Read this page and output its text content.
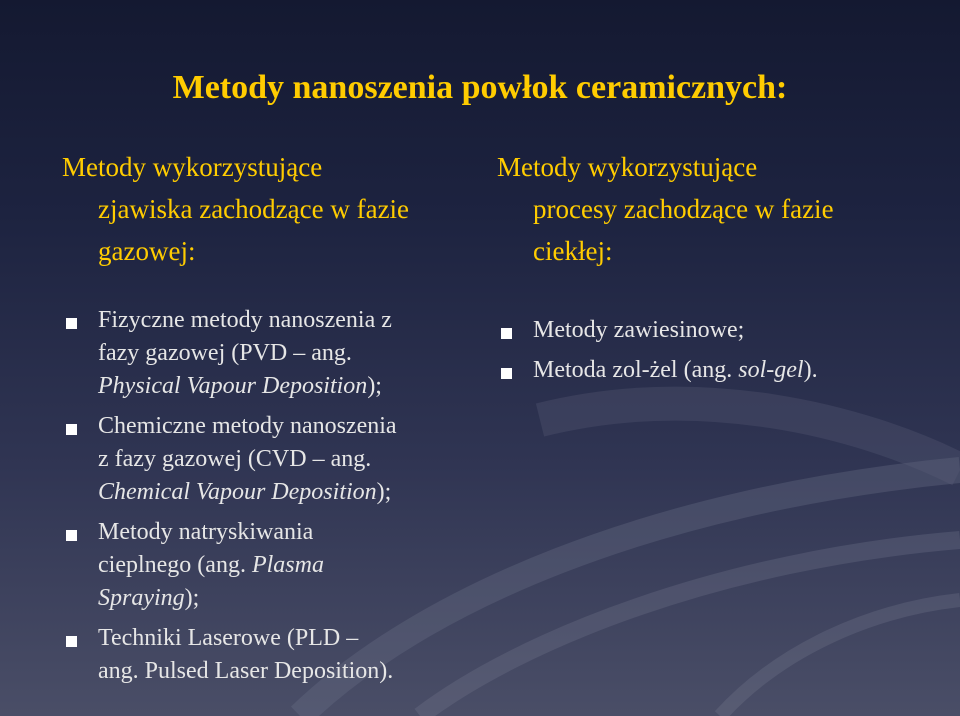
Metody nanoszenia powłok ceramicznych:
Metody wykorzystujące
zjawiska zachodzące w fazie
gazowej:
Metody wykorzystujące
procesy zachodzące w fazie
ciekłej:
Fizyczne metody nanoszenia z
fazy gazowej (PVD – ang.
Physical Vapour Deposition);
Chemiczne metody nanoszenia
z fazy gazowej (CVD – ang.
Chemical Vapour Deposition);
Metody natryskiwania
cieplnego (ang. Plasma
Spraying);
Techniki Laserowe (PLD –
ang. Pulsed Laser Deposition).
Metody zawiesinowe;
Metoda zol-żel (ang. sol-gel).
